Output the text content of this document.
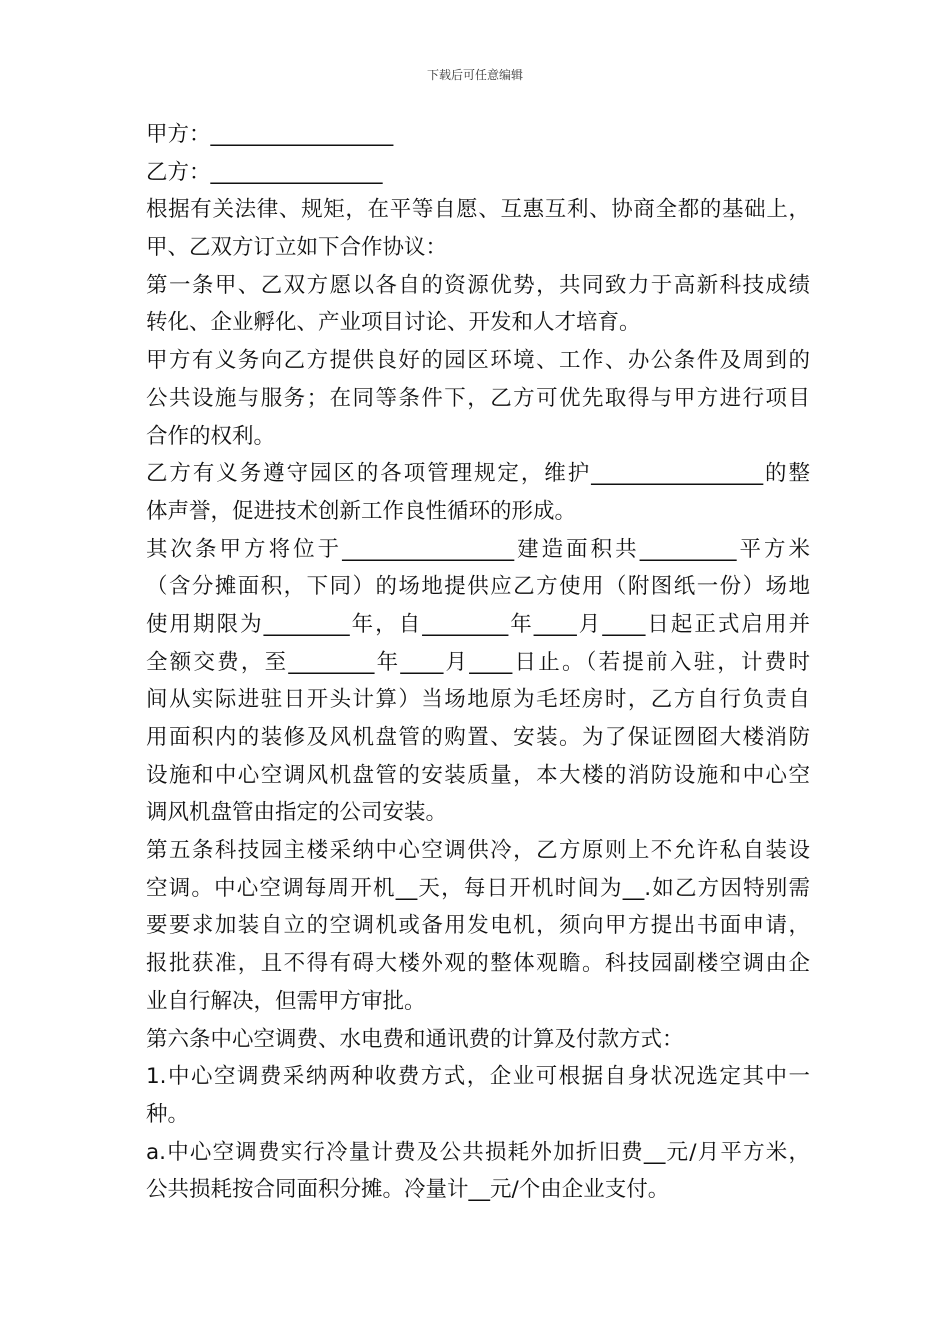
下载后可任意编辑
甲方：_________________
乙方：________________
根据有关法律、规矩，在平等自愿、互惠互利、协商全都的基础上，
甲、乙双方订立如下合作协议：
第一条甲、乙双方愿以各自的资源优势，共同致力于高新科技成绩
转化、企业孵化、产业项目讨论、开发和人才培育。
甲方有义务向乙方提供良好的园区环境、工作、办公条件及周到的
公共设施与服务；在同等条件下，乙方可优先取得与甲方进行项目
合作的权利。
乙方有义务遵守园区的各项管理规定，维护________________的整
体声誉，促进技术创新工作良性循环的形成。
其次条甲方将位于________________建造面积共_________平方米
（含分摊面积，下同）的场地提供应乙方使用（附图纸一份）场地
使用期限为________年，自________年____月____日起正式启用并
全额交费，至________年____月____日止。（若提前入驻，计费时
间从实际进驻日开头计算）当场地原为毛坯房时，乙方自行负责自
用面积内的装修及风机盘管的购置、安装。为了保证囫囵大楼消防
设施和中心空调风机盘管的安装质量，本大楼的消防设施和中心空
调风机盘管由指定的公司安装。
第五条科技园主楼采纳中心空调供冷，乙方原则上不允许私自装设
空调。中心空调每周开机__天，每日开机时间为__.如乙方因特别需
要要求加装自立的空调机或备用发电机，须向甲方提出书面申请，
报批获准，且不得有碍大楼外观的整体观瞻。科技园副楼空调由企
业自行解决，但需甲方审批。
第六条中心空调费、水电费和通讯费的计算及付款方式：
1.中心空调费采纳两种收费方式，企业可根据自身状况选定其中一
种。
a.中心空调费实行冷量计费及公共损耗外加折旧费__元/月平方米，
公共损耗按合同面积分摊。冷量计__元/个由企业支付。
